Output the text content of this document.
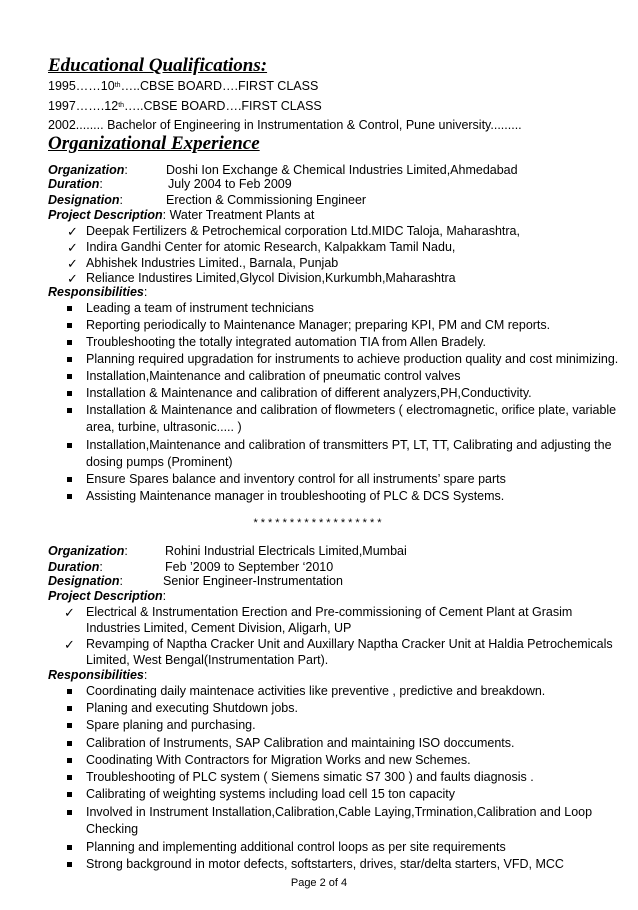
Educational Qualifications:
1995……10th…..CBSE BOARD….FIRST CLASS
1997…….12th…..CBSE BOARD….FIRST CLASS
2002........ Bachelor of Engineering in Instrumentation & Control, Pune university.........
Organizational Experience
Organization:	Doshi Ion Exchange & Chemical Industries Limited,Ahmedabad
Duration:	July 2004 to Feb 2009
Designation:	Erection & Commissioning Engineer
Project Description: Water Treatment Plants at
✓ Deepak Fertilizers & Petrochemical corporation Ltd.MIDC Taloja, Maharashtra,
✓ Indira Gandhi Center for atomic Research, Kalpakkam Tamil Nadu,
✓ Abhishek Industries Limited., Barnala, Punjab
✓ Reliance Industires Limited,Glycol Division,Kurkumbh,Maharashtra
Responsibilities:
Leading a team of instrument technicians
Reporting periodically to Maintenance Manager; preparing KPI, PM and CM reports.
Troubleshooting the totally integrated automation TIA from Allen Bradely.
Planning required upgradation for instruments to achieve production quality and cost minimizing.
Installation,Maintenance and calibration of pneumatic control valves
Installation & Maintenance and calibration of different analyzers,PH,Conductivity.
Installation & Maintenance and calibration of flowmeters ( electromagnetic, orifice plate, variable
area, turbine, ultrasonic..... )
Installation,Maintenance and calibration of transmitters PT, LT, TT, Calibrating and adjusting the
dosing pumps (Prominent)
Ensure Spares balance and inventory control for all instruments’ spare parts
Assisting Maintenance manager in troubleshooting of PLC & DCS Systems.
******************
Organization:	Rohini Industrial Electricals Limited,Mumbai
Duration:	Feb ’2009 to September ‘2010
Designation:	Senior Engineer-Instrumentation
Project Description:
✓ Electrical & Instrumentation Erection and Pre-commissioning of Cement Plant at Grasim
Industries Limited, Cement Division, Aligarh, UP
✓ Revamping of Naptha Cracker Unit and Auxillary Naptha Cracker Unit at Haldia Petrochemicals
Limited, West Bengal(Instrumentation Part).
Responsibilities:
Coordinating daily maintenace activities like preventive , predictive and breakdown.
Planing and executing Shutdown jobs.
Spare planing and purchasing.
Calibration of Instruments, SAP Calibration and maintaining ISO doccuments.
Coodinating With Contractors for Migration Works and new Schemes.
Troubleshooting of PLC system ( Siemens simatic S7 300 ) and faults diagnosis .
Calibrating of weighting systems including load cell 15 ton capacity
Involved in Instrument Installation,Calibration,Cable Laying,Trmination,Calibration and Loop
Checking
Planning and implementing additional control loops as per site requirements
Strong background in motor defects, softstarters, drives, star/delta starters, VFD, MCC
Page 2 of 4
